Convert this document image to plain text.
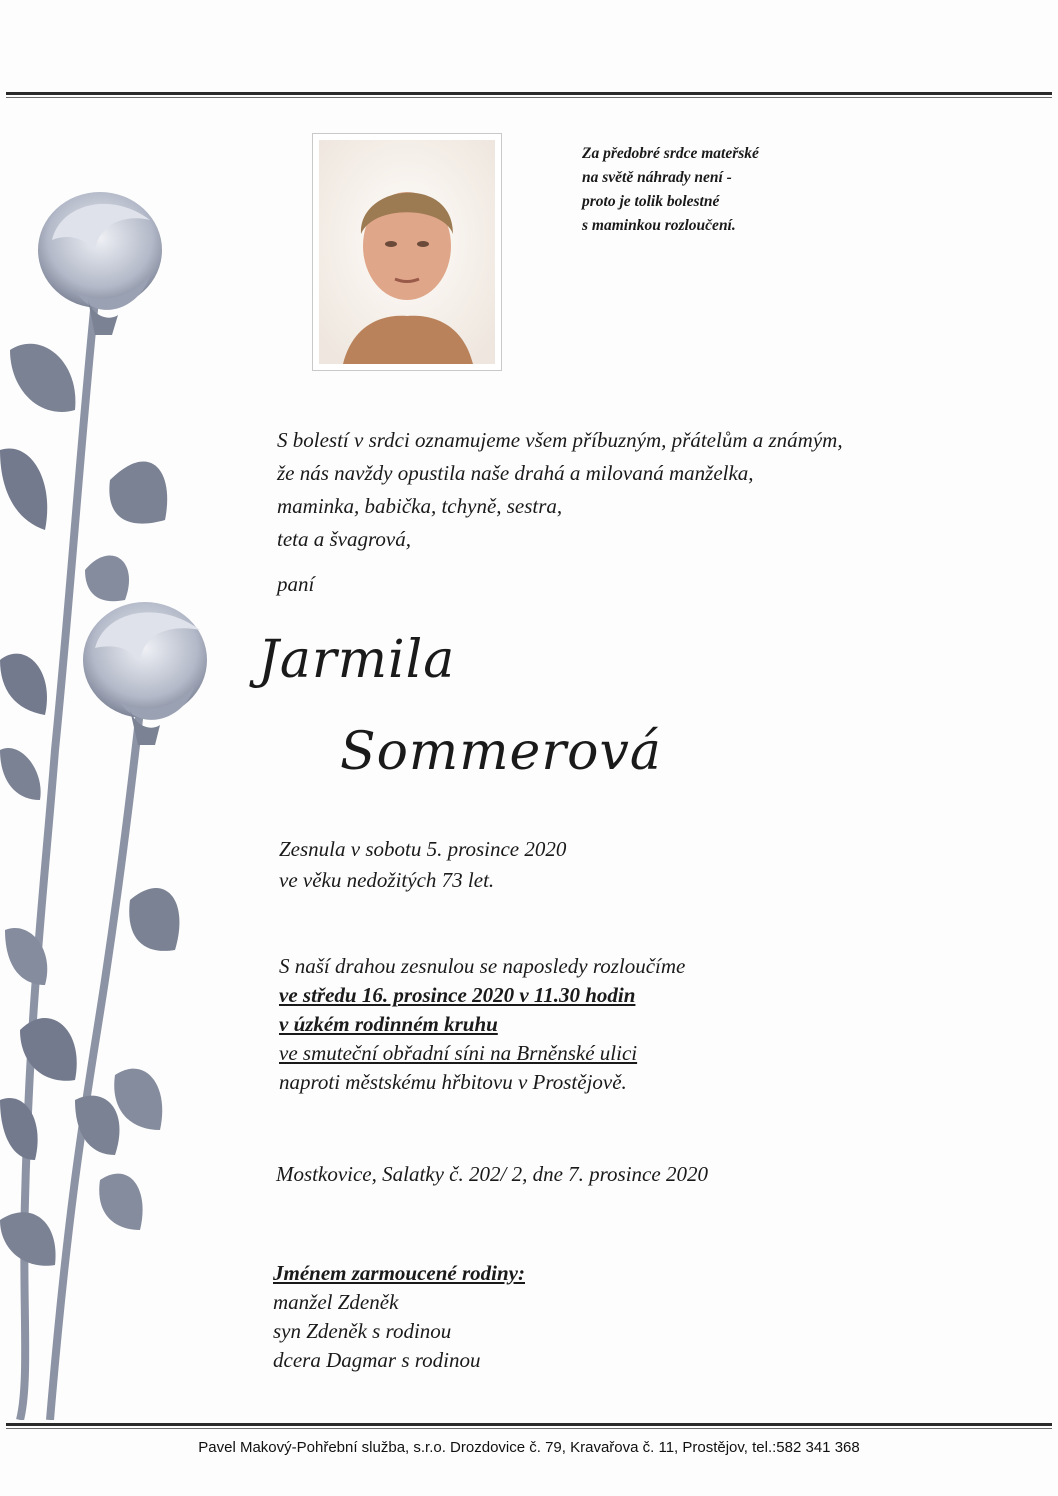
Za předobré srdce mateřské
na světě náhrady není -
proto je tolik bolestné
s maminkou rozloučení.
S bolestí v srdci oznamujeme všem příbuzným, přátelům a známým,
že nás navždy opustila naše drahá a milovaná manželka,
maminka, babička, tchyně, sestra,
teta a švagrová,
paní
Jarmila
Sommerová
Zesnula v sobotu 5. prosince 2020
ve věku nedožitých 73 let.
S naší drahou zesnulou se naposledy rozloučíme
ve středu 16. prosince 2020 v 11.30 hodin
v úzkém rodinném kruhu
ve smuteční obřadní síni na Brněnské ulici
naproti městskému hřbitovu v Prostějově.
Mostkovice, Salatky č. 202/ 2, dne 7. prosince 2020
Jménem zarmoucené rodiny:
manžel Zdeněk
syn Zdeněk s rodinou
dcera Dagmar s rodinou
Pavel Makový-Pohřební služba, s.r.o. Drozdovice č. 79, Kravařova č. 11, Prostějov, tel.:582 341 368
